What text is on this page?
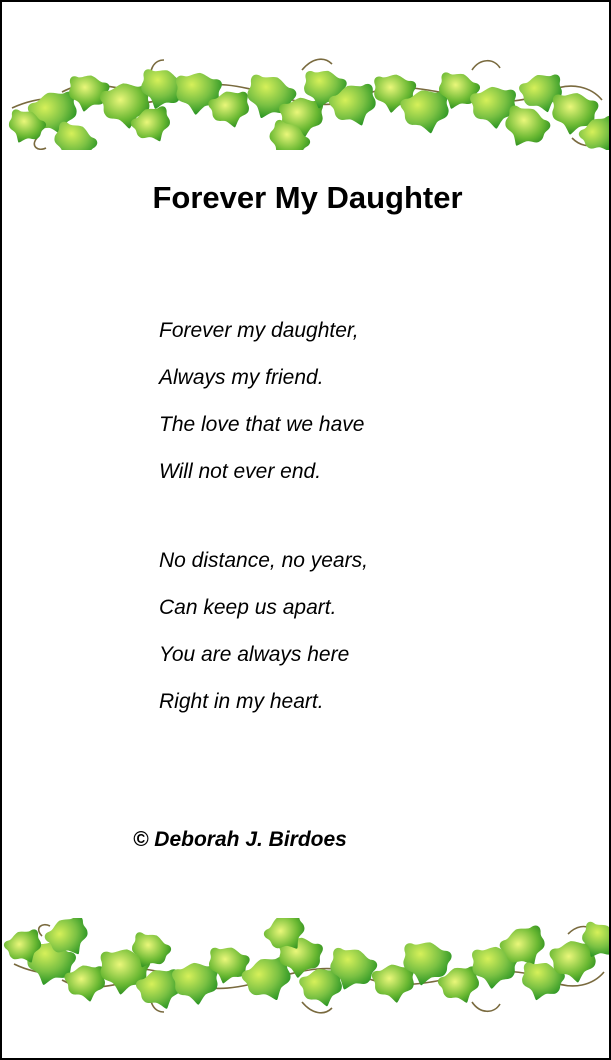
Forever My Daughter
Forever my daughter,
Always my friend.
The love that we have
Will not ever end.
No distance, no years,
Can keep us apart.
You are always here
Right in my heart.
© Deborah J. Birdoes
